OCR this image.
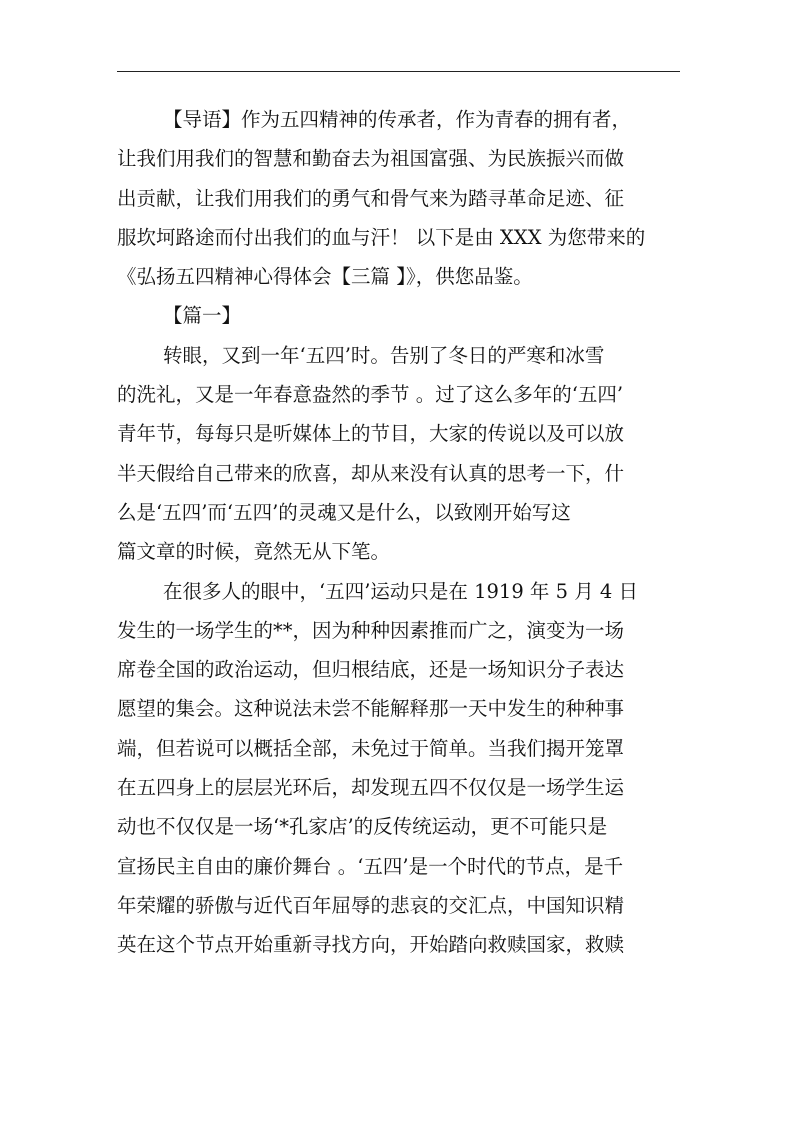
【导语】作为五四精神的传承者，作为青春的拥有者，
让我们用我们的智慧和勤奋去为祖国富强、为民族振兴而做
出贡献，让我们用我们的勇气和骨气来为踏寻革命足迹、征
服坎坷路途而付出我们的血与汗！ 以下是由 XXX 为您带来的
《弘扬五四精神心得体会【三篇 】》，供您品鉴。
【篇一】
转眼，又到一年‘五四’时。告别了冬日的严寒和冰雪
的洗礼，又是一年春意盎然的季节 。过了这么多年的‘五四’
青年节，每每只是听媒体上的节目，大家的传说以及可以放
半天假给自己带来的欣喜，却从来没有认真的思考一下，什
么是‘五四’而‘五四’的灵魂又是什么，以致刚开始写这
篇文章的时候，竟然无从下笔。
在很多人的眼中，‘五四’运动只是在 1919 年 5 月 4 日
发生的一场学生的**，因为种种因素推而广之，演变为一场
席卷全国的政治运动，但归根结底，还是一场知识分子表达
愿望的集会。这种说法未尝不能解释那一天中发生的种种事
端，但若说可以概括全部，未免过于简单。当我们揭开笼罩
在五四身上的层层光环后，却发现五四不仅仅是一场学生运
动也不仅仅是一场‘*孔家店’的反传统运动，更不可能只是
宣扬民主自由的廉价舞台 。‘五四’是一个时代的节点，是千
年荣耀的骄傲与近代百年屈辱的悲哀的交汇点，中国知识精
英在这个节点开始重新寻找方向，开始踏向救赎国家，救赎
